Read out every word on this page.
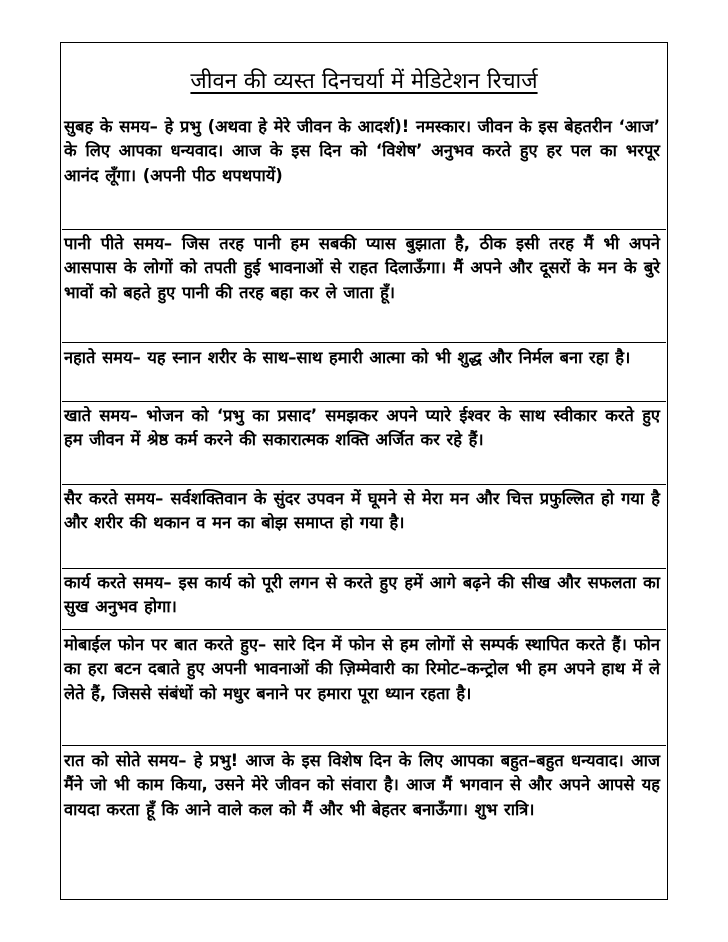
जीवन की व्यस्त दिनचर्या में मेडिटेशन रिचार्ज

सुबह के समय– हे प्रभु (अथवा हे मेरे जीवन के आदर्श)! नमस्कार। जीवन के इस बेहतरीन ‘आज’ के लिए आपका धन्यवाद। आज के इस दिन को ‘विशेष’ अनुभव करते हुए हर पल का भरपूर आनंद लूँगा। (अपनी पीठ थपथपायें)

पानी पीते समय– जिस तरह पानी हम सबकी प्यास बुझाता है, ठीक इसी तरह मैं भी अपने आसपास के लोगों को तपती हुई भावनाओं से राहत दिलाऊँगा। मैं अपने और दूसरों के मन के बुरे भावों को बहते हुए पानी की तरह बहा कर ले जाता हूँ।

नहाते समय– यह स्नान शरीर के साथ–साथ हमारी आत्मा को भी शुद्ध और निर्मल बना रहा है।

खाते समय– भोजन को ‘प्रभु का प्रसाद’ समझकर अपने प्यारे ईश्वर के साथ स्वीकार करते हुए हम जीवन में श्रेष्ठ कर्म करने की सकारात्मक शक्ति अर्जित कर रहे हैं।

सैर करते समय– सर्वशक्तिवान के सुंदर उपवन में घूमने से मेरा मन और चित्त प्रफुल्लित हो गया है और शरीर की थकान व मन का बोझ समाप्त हो गया है।

कार्य करते समय– इस कार्य को पूरी लगन से करते हुए हमें आगे बढ़ने की सीख और सफलता का सुख अनुभव होगा।

मोबाईल फोन पर बात करते हुए– सारे दिन में फोन से हम लोगों से सम्पर्क स्थापित करते हैं। फोन का हरा बटन दबाते हुए अपनी भावनाओं की ज़िम्मेवारी का रिमोट–कन्ट्रोल भी हम अपने हाथ में ले लेते हैं, जिससे संबंधों को मधुर बनाने पर हमारा पूरा ध्यान रहता है।

रात को सोते समय– हे प्रभु! आज के इस विशेष दिन के लिए आपका बहुत–बहुत धन्यवाद। आज मैंने जो भी काम किया, उसने मेरे जीवन को संवारा है। आज मैं भगवान से और अपने आपसे यह वायदा करता हूँ कि आने वाले कल को मैं और भी बेहतर बनाऊँगा। शुभ रात्रि।
